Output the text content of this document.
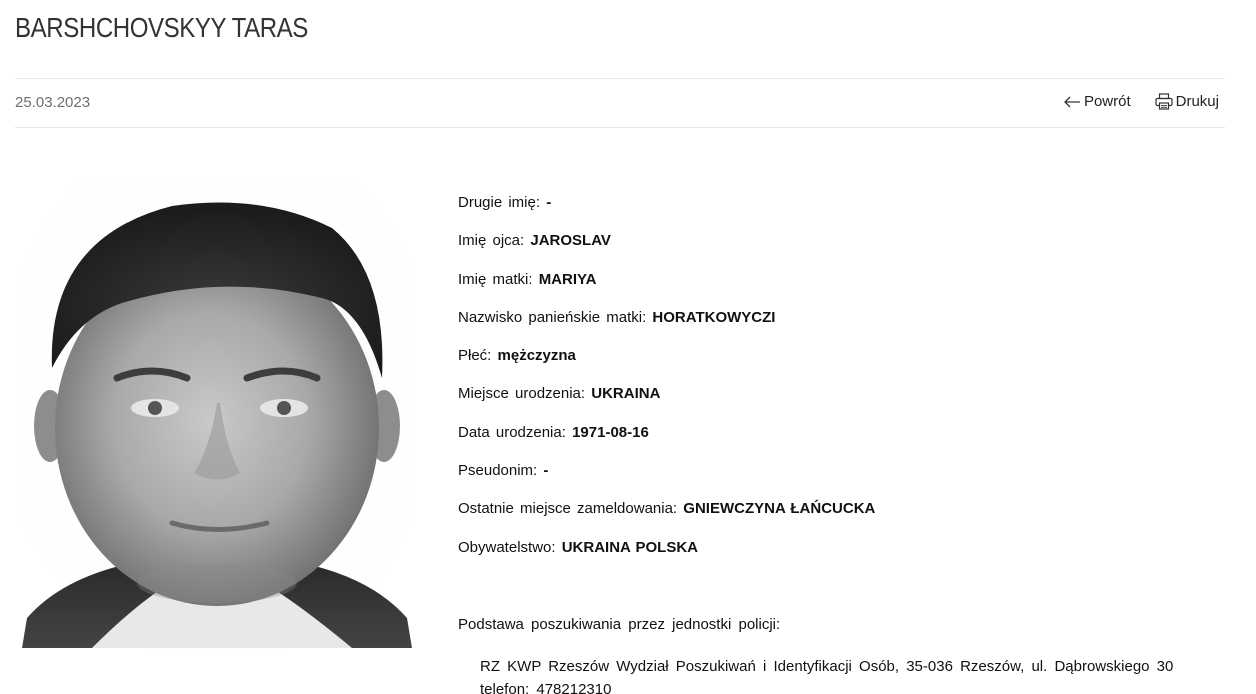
BARSHCHOVSKYY TARAS
25.03.2023	Powrót	Drukuj
Drugie imię: -
Imię ojca: JAROSLAV
Imię matki: MARIYA
Nazwisko panieńskie matki: HORATKOWYCZI
Płeć: mężczyzna
Miejsce urodzenia: UKRAINA
Data urodzenia: 1971-08-16
Pseudonim: -
Ostatnie miejsce zameldowania: GNIEWCZYNA ŁAŃCUCKA
Obywatelstwo: UKRAINA POLSKA
Podstawa poszukiwania przez jednostki policji:
RZ KWP Rzeszów Wydział Poszukiwań i Identyfikacji Osób, 35-036 Rzeszów, ul. Dąbrowskiego 30
telefon: 478212310
